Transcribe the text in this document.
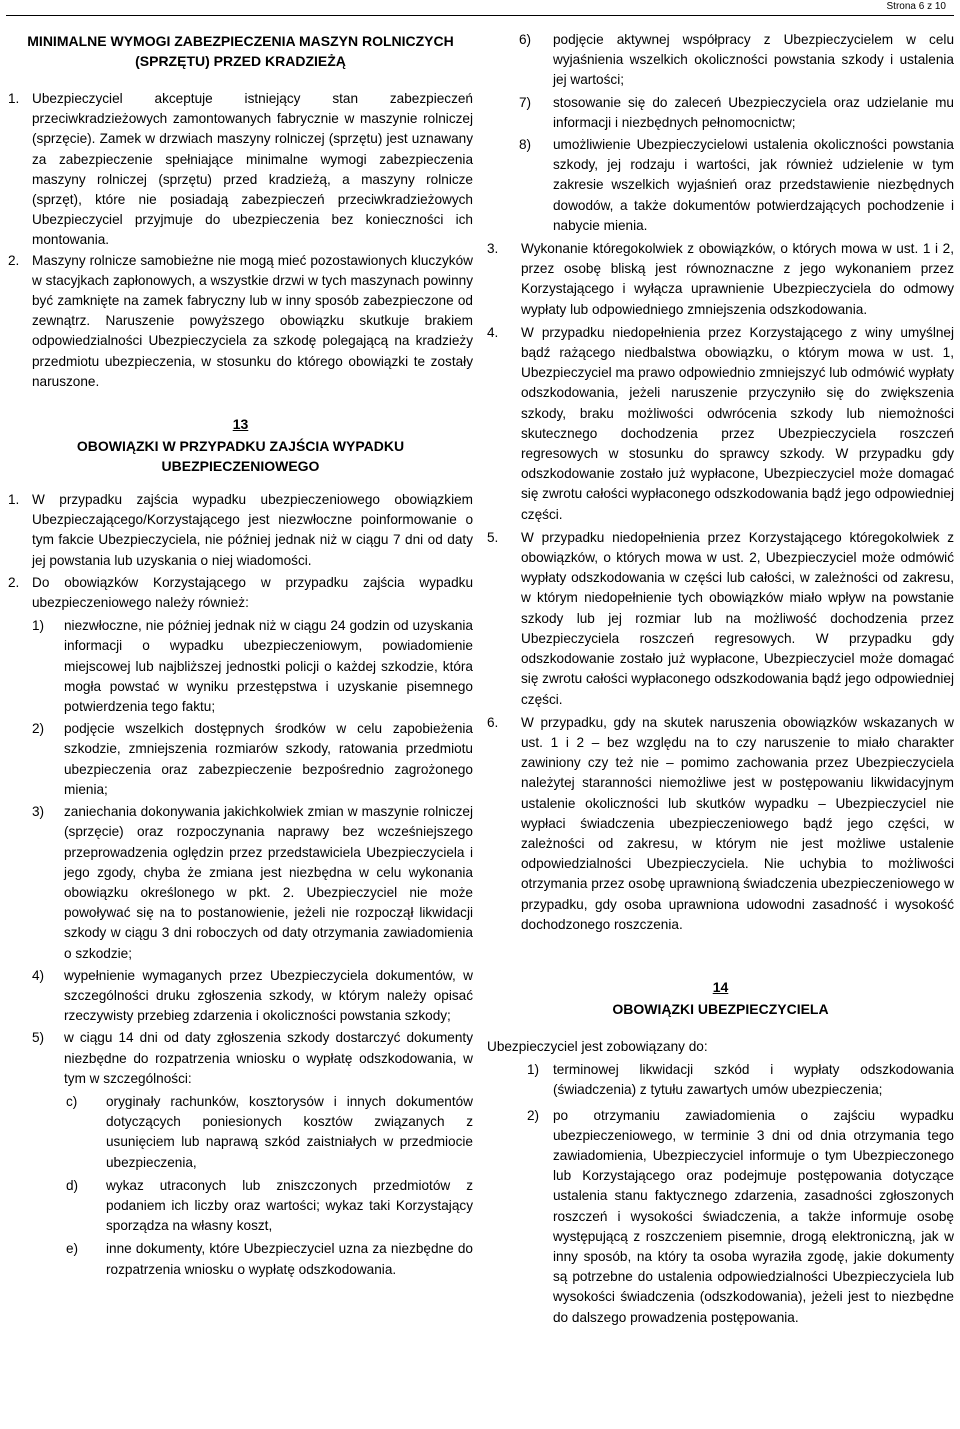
Strona 6 z 10

MINIMALNE WYMOGI ZABEZPIECZENIA MASZYN ROLNICZYCH (SPRZĘTU) PRZED KRADZIEŻĄ

1. Ubezpieczyciel akceptuje istniejący stan zabezpieczeń przeciwkradzieżowych zamontowanych fabrycznie w maszynie rolniczej (sprzęcie). Zamek w drzwiach maszyny rolniczej (sprzętu) jest uznawany za zabezpieczenie spełniające minimalne wymogi zabezpieczenia maszyny rolniczej (sprzętu) przed kradzieżą, a maszyny rolnicze (sprzęt), które nie posiadają zabezpieczeń przeciwkradzieżowych Ubezpieczyciel przyjmuje do ubezpieczenia bez konieczności ich montowania.
2. Maszyny rolnicze samobieżne nie mogą mieć pozostawionych kluczyków w stacyjkach zapłonowych, a wszystkie drzwi w tych maszynach powinny być zamknięte na zamek fabryczny lub w inny sposób zabezpieczone od zewnątrz. Naruszenie powyższego obowiązku skutkuje brakiem odpowiedzialności Ubezpieczyciela za szkodę polegającą na kradzieży przedmiotu ubezpieczenia, w stosunku do którego obowiązki te zostały naruszone.
13
OBOWIĄZKI W PRZYPADKU ZAJŚCIA WYPADKU UBEZPIECZENIOWEGO
1. W przypadku zajścia wypadku ubezpieczeniowego obowiązkiem Ubezpieczającego/Korzystającego jest niezwłoczne poinformowanie o tym fakcie Ubezpieczyciela, nie później jednak niż w ciągu 7 dni od daty jej powstania lub uzyskania o niej wiadomości.
2. Do obowiązków Korzystającego w przypadku zajścia wypadku ubezpieczeniowego należy również:
1) niezwłoczne, nie później jednak niż w ciągu 24 godzin od uzyskania informacji o wypadku ubezpieczeniowym, powiadomienie miejscowej lub najbliższej jednostki policji o każdej szkodzie, która mogła powstać w wyniku przestępstwa i uzyskanie pisemnego potwierdzenia tego faktu;
2) podjęcie wszelkich dostępnych środków w celu zapobieżenia szkodzie, zmniejszenia rozmiarów szkody, ratowania przedmiotu ubezpieczenia oraz zabezpieczenie bezpośrednio zagrożonego mienia;
3) zaniechania dokonywania jakichkolwiek zmian w maszynie rolniczej (sprzęcie) oraz rozpoczynania naprawy bez wcześniejszego przeprowadzenia oględzin przez przedstawiciela Ubezpieczyciela i jego zgody, chyba że zmiana jest niezbędna w celu wykonania obowiązku określonego w pkt. 2. Ubezpieczyciel nie może powoływać się na to postanowienie, jeżeli nie rozpoczął likwidacji szkody w ciągu 3 dni roboczych od daty otrzymania zawiadomienia o szkodzie;
4) wypełnienie wymaganych przez Ubezpieczyciela dokumentów, w szczególności druku zgłoszenia szkody, w którym należy opisać rzeczywisty przebieg zdarzenia i okoliczności powstania szkody;
5) w ciągu 14 dni od daty zgłoszenia szkody dostarczyć dokumenty niezbędne do rozpatrzenia wniosku o wypłatę odszkodowania, w tym w szczególności:
c) oryginały rachunków, kosztorysów i innych dokumentów dotyczących poniesionych kosztów związanych z usunięciem lub naprawą szkód zaistniałych w przedmiocie ubezpieczenia,
d) wykaz utraconych lub zniszczonych przedmiotów z podaniem ich liczby oraz wartości; wykaz taki Korzystający sporządza na własny koszt,
e) inne dokumenty, które Ubezpieczyciel uzna za niezbędne do rozpatrzenia wniosku o wypłatę odszkodowania.
6) podjęcie aktywnej współpracy z Ubezpieczycielem w celu wyjaśnienia wszelkich okoliczności powstania szkody i ustalenia jej wartości;
7) stosowanie się do zaleceń Ubezpieczyciela oraz udzielanie mu informacji i niezbędnych pełnomocnictw;
8) umożliwienie Ubezpieczycielowi ustalenia okoliczności powstania szkody, jej rodzaju i wartości, jak również udzielenie w tym zakresie wszelkich wyjaśnień oraz przedstawienie niezbędnych dowodów, a także dokumentów potwierdzających pochodzenie i nabycie mienia.
3. Wykonanie któregokolwiek z obowiązków, o których mowa w ust. 1 i 2, przez osobę bliską jest równoznaczne z jego wykonaniem przez Korzystającego i wyłącza uprawnienie Ubezpieczyciela do odmowy wypłaty lub odpowiedniego zmniejszenia odszkodowania.
4. W przypadku niedopełnienia przez Korzystającego z winy umyślnej bądź rażącego niedbalstwa obowiązku, o którym mowa w ust. 1, Ubezpieczyciel ma prawo odpowiednio zmniejszyć lub odmówić wypłaty odszkodowania, jeżeli naruszenie przyczyniło się do zwiększenia szkody, braku możliwości odwrócenia szkody lub niemożności skutecznego dochodzenia przez Ubezpieczyciela roszczeń regresowych w stosunku do sprawcy szkody. W przypadku gdy odszkodowanie zostało już wypłacone, Ubezpieczyciel może domagać się zwrotu całości wypłaconego odszkodowania bądź jego odpowiedniej części.
5. W przypadku niedopełnienia przez Korzystającego któregokolwiek z obowiązków, o których mowa w ust. 2, Ubezpieczyciel może odmówić wypłaty odszkodowania w części lub całości, w zależności od zakresu, w którym niedopełnienie tych obowiązków miało wpływ na powstanie szkody lub jej rozmiar lub na możliwość dochodzenia przez Ubezpieczyciela roszczeń regresowych. W przypadku gdy odszkodowanie zostało już wypłacone, Ubezpieczyciel może domagać się zwrotu całości wypłaconego odszkodowania bądź jego odpowiedniej części.
6. W przypadku, gdy na skutek naruszenia obowiązków wskazanych w ust. 1 i 2 – bez względu na to czy naruszenie to miało charakter zawiniony czy też nie – pomimo zachowania przez Ubezpieczyciela należytej staranności niemożliwe jest w postępowaniu likwidacyjnym ustalenie okoliczności lub skutków wypadku – Ubezpieczyciel nie wypłaci świadczenia ubezpieczeniowego bądź jego części, w zależności od zakresu, w którym nie jest możliwe ustalenie odpowiedzialności Ubezpieczyciela. Nie uchybia to możliwości otrzymania przez osobę uprawnioną świadczenia ubezpieczeniowego w przypadku, gdy osoba uprawniona udowodni zasadność i wysokość dochodzonego roszczenia.
14
OBOWIĄZKI UBEZPIECZYCIELA

Ubezpieczyciel jest zobowiązany do:

1) terminowej likwidacji szkód i wypłaty odszkodowania (świadczenia) z tytułu zawartych umów ubezpieczenia;
2) po otrzymaniu zawiadomienia o zajściu wypadku ubezpieczeniowego, w terminie 3 dni od dnia otrzymania tego zawiadomienia, Ubezpieczyciel informuje o tym Ubezpieczonego lub Korzystającego oraz podejmuje postępowania dotyczące ustalenia stanu faktycznego zdarzenia, zasadności zgłoszonych roszczeń i wysokości świadczenia, a także informuje osobę występującą z roszczeniem pisemnie, drogą elektroniczną, jak w inny sposób, na który ta osoba wyraziła zgodę, jakie dokumenty są potrzebne do ustalenia odpowiedzialności Ubezpieczyciela lub wysokości świadczenia (odszkodowania), jeżeli jest to niezbędne do dalszego prowadzenia postępowania.
